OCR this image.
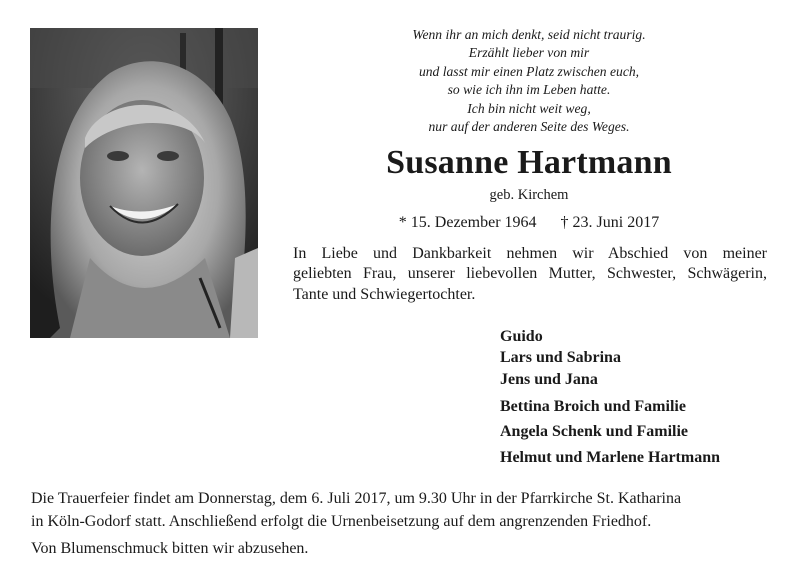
Wenn ihr an mich denkt, seid nicht traurig.
Erzählt lieber von mir
und lasst mir einen Platz zwischen euch,
so wie ich ihn im Leben hatte.
Ich bin nicht weit weg,
nur auf der anderen Seite des Weges.
Susanne Hartmann
geb. Kirchem
* 15. Dezember 1964 † 23. Juni 2017
In Liebe und Dankbarkeit nehmen wir Abschied von meiner
geliebten Frau, unserer liebevollen Mutter, Schwester, Schwägerin,
Tante und Schwiegertochter.
Guido
Lars und Sabrina
Jens und Jana
Bettina Broich und Familie
Angela Schenk und Familie
Helmut und Marlene Hartmann
Die Trauerfeier findet am Donnerstag, dem 6. Juli 2017, um 9.30 Uhr in der Pfarrkirche St. Katharina
in Köln-Godorf statt. Anschließend erfolgt die Urnenbeisetzung auf dem angrenzenden Friedhof.
Von Blumenschmuck bitten wir abzusehen.
